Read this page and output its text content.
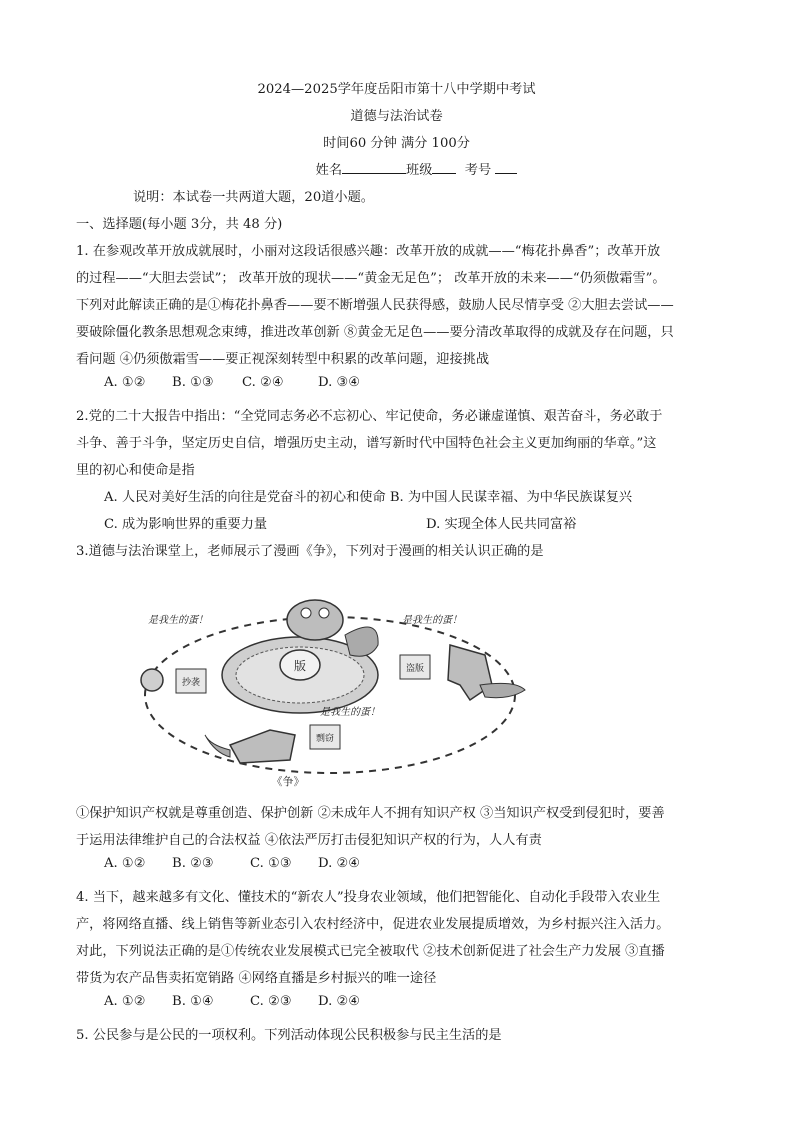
2024—2025学年度岳阳市第十八中学期中考试
道德与法治试卷
时间60 分钟 满分 100分
姓名	班级 考号
说明：本试卷一共两道大题，20道小题。
一、选择题(每小题 3分，共 48 分)
1. 在参观改革开放成就展时，小丽对这段话很感兴趣：改革开放的成就——“梅花扑鼻香”；改革开放
的过程——“大胆去尝试”； 改革开放的现状——“黄金无足色”； 改革开放的未来——“仍须傲霜雪”。
下列对此解读正确的是①梅花扑鼻香——要不断增强人民获得感，鼓励人民尽情享受 ②大胆去尝试——
要破除僵化教条思想观念束缚，推进改革创新 ⑧黄金无足色——要分清改革取得的成就及存在问题，只
看问题 ④仍须傲霜雪——要正视深刻转型中积累的改革问题，迎接挑战
A. ①② B. ①③ C. ②④	D. ③④
2.党的二十大报告中指出：“全党同志务必不忘初心、牢记使命，务必谦虚谨慎、艰苦奋斗，务必敢于
斗争、善于斗争，坚定历史自信，增强历史主动，谱写新时代中国特色社会主义更加绚丽的华章。”这
里的初心和使命是指
A. 人民对美好生活的向往是党奋斗的初心和使命 B. 为中国人民谋幸福、为中华民族谋复兴
C. 成为影响世界的重要力量	D. 实现全体人民共同富裕
3.道德与法治课堂上，老师展示了漫画《争》，下列对于漫画的相关认识正确的是
版
抄袭
盗版
剽窃
《争》
是我生的蛋！	是我生的蛋！
是我生的蛋！
①保护知识产权就是尊重创造、保护创新 ②未成年人不拥有知识产权 ③当知识产权受到侵犯时，要善
于运用法律维护自己的合法权益 ④依法严厉打击侵犯知识产权的行为，人人有责
A. ①② B. ②③	C. ①③ D. ②④
4. 当下，越来越多有文化、懂技术的“新农人”投身农业领域，他们把智能化、自动化手段带入农业生
产，将网络直播、线上销售等新业态引入农村经济中，促进农业发展提质增效，为乡村振兴注入活力。
对此，下列说法正确的是①传统农业发展模式已完全被取代 ②技术创新促进了社会生产力发展 ③直播
带货为农产品售卖拓宽销路 ④网络直播是乡村振兴的唯一途径
A. ①② B. ①④	C. ②③ D. ②④
5. 公民参与是公民的一项权利。下列活动体现公民积极参与民主生活的是
